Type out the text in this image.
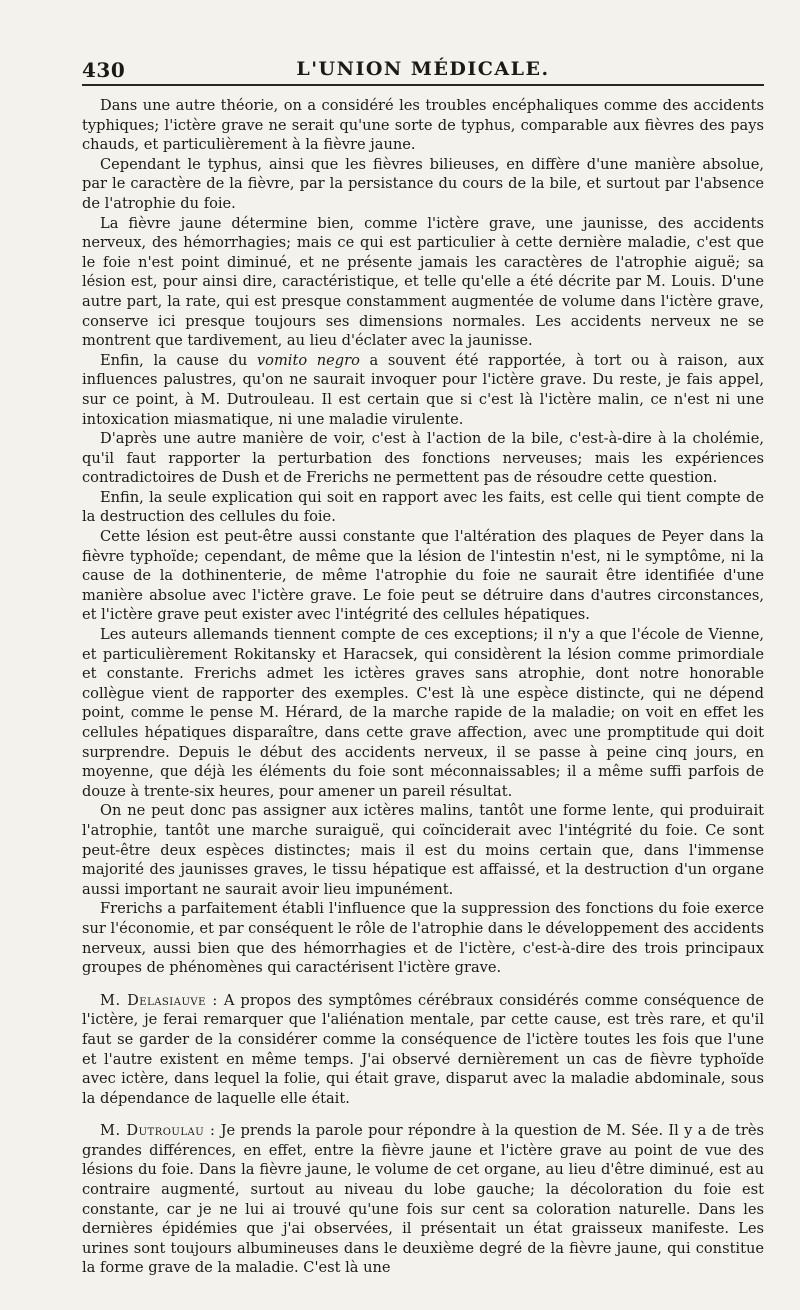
430	L'UNION MÉDICALE.

Dans une autre théorie, on a considéré les troubles encéphaliques comme des accidents typhiques; l'ictère grave ne serait qu'une sorte de typhus, comparable aux fièvres des pays chauds, et particulièrement à la fièvre jaune.

Cependant le typhus, ainsi que les fièvres bilieuses, en diffère d'une manière absolue, par le caractère de la fièvre, par la persistance du cours de la bile, et surtout par l'absence de l'atrophie du foie.

La fièvre jaune détermine bien, comme l'ictère grave, une jaunisse, des accidents nerveux, des hémorrhagies; mais ce qui est particulier à cette dernière maladie, c'est que le foie n'est point diminué, et ne présente jamais les caractères de l'atrophie aiguë; sa lésion est, pour ainsi dire, caractéristique, et telle qu'elle a été décrite par M. Louis. D'une autre part, la rate, qui est presque constamment augmentée de volume dans l'ictère grave, conserve ici presque toujours ses dimensions normales. Les accidents nerveux ne se montrent que tardivement, au lieu d'éclater avec la jaunisse.

Enfin, la cause du vomito negro a souvent été rapportée, à tort ou à raison, aux influences palustres, qu'on ne saurait invoquer pour l'ictère grave. Du reste, je fais appel, sur ce point, à M. Dutrouleau. Il est certain que si c'est là l'ictère malin, ce n'est ni une intoxication miasmatique, ni une maladie virulente.

D'après une autre manière de voir, c'est à l'action de la bile, c'est-à-dire à la cholémie, qu'il faut rapporter la perturbation des fonctions nerveuses; mais les expériences contradictoires de Dush et de Frerichs ne permettent pas de résoudre cette question.

Enfin, la seule explication qui soit en rapport avec les faits, est celle qui tient compte de la destruction des cellules du foie.

Cette lésion est peut-être aussi constante que l'altération des plaques de Peyer dans la fièvre typhoïde; cependant, de même que la lésion de l'intestin n'est, ni le symptôme, ni la cause de la dothinenterie, de même l'atrophie du foie ne saurait être identifiée d'une manière absolue avec l'ictère grave. Le foie peut se détruire dans d'autres circonstances, et l'ictère grave peut exister avec l'intégrité des cellules hépatiques.

Les auteurs allemands tiennent compte de ces exceptions; il n'y a que l'école de Vienne, et particulièrement Rokitansky et Haracsek, qui considèrent la lésion comme primordiale et constante. Frerichs admet les ictères graves sans atrophie, dont notre honorable collègue vient de rapporter des exemples. C'est là une espèce distincte, qui ne dépend point, comme le pense M. Hérard, de la marche rapide de la maladie; on voit en effet les cellules hépatiques disparaître, dans cette grave affection, avec une promptitude qui doit surprendre. Depuis le début des accidents nerveux, il se passe à peine cinq jours, en moyenne, que déjà les éléments du foie sont méconnaissables; il a même suffi parfois de douze à trente-six heures, pour amener un pareil résultat.

On ne peut donc pas assigner aux ictères malins, tantôt une forme lente, qui produirait l'atrophie, tantôt une marche suraiguë, qui coïnciderait avec l'intégrité du foie. Ce sont peut-être deux espèces distinctes; mais il est du moins certain que, dans l'immense majorité des jaunisses graves, le tissu hépatique est affaissé, et la destruction d'un organe aussi important ne saurait avoir lieu impunément.

Frerichs a parfaitement établi l'influence que la suppression des fonctions du foie exerce sur l'économie, et par conséquent le rôle de l'atrophie dans le développement des accidents nerveux, aussi bien que des hémorrhagies et de l'ictère, c'est-à-dire des trois principaux groupes de phénomènes qui caractérisent l'ictère grave.

M. Delasiauve : A propos des symptômes cérébraux considérés comme conséquence de l'ictère, je ferai remarquer que l'aliénation mentale, par cette cause, est très rare, et qu'il faut se garder de la considérer comme la conséquence de l'ictère toutes les fois que l'une et l'autre existent en même temps. J'ai observé dernièrement un cas de fièvre typhoïde avec ictère, dans lequel la folie, qui était grave, disparut avec la maladie abdominale, sous la dépendance de laquelle elle était.

M. Dutroulau : Je prends la parole pour répondre à la question de M. Sée. Il y a de très grandes différences, en effet, entre la fièvre jaune et l'ictère grave au point de vue des lésions du foie. Dans la fièvre jaune, le volume de cet organe, au lieu d'être diminué, est au contraire augmenté, surtout au niveau du lobe gauche; la décoloration du foie est constante, car je ne lui ai trouvé qu'une fois sur cent sa coloration naturelle. Dans les dernières épidémies que j'ai observées, il présentait un état graisseux manifeste. Les urines sont toujours albumineuses dans le deuxième degré de la fièvre jaune, qui constitue la forme grave de la maladie. C'est là une
